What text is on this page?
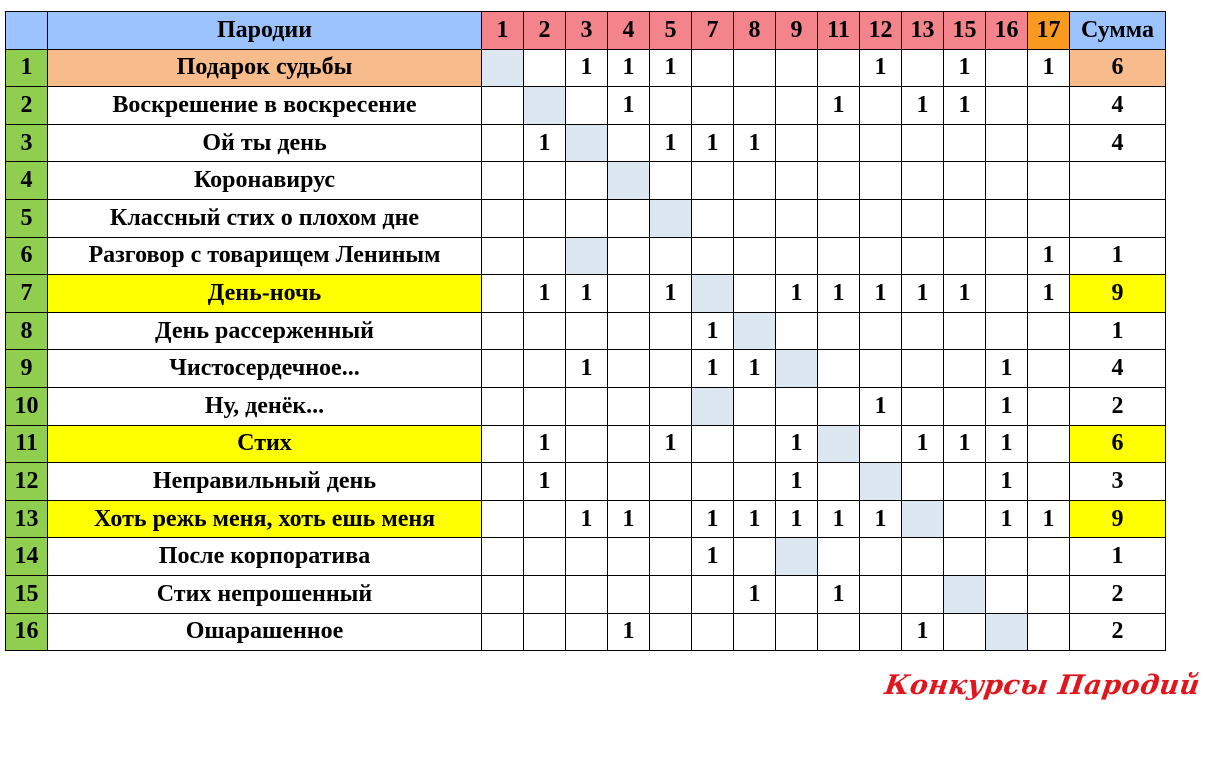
	Пародии	1	2	3	4	5	7	8	9	11	12	13	15	16	17	Сумма
1	Подарок судьбы			1	1	1					1		1		1	6
2	Воскрешение в воскресение				1					1		1	1			4
3	Ой ты день		1			1	1	1								4
4	Коронавирус															
5	Классный стих о плохом дне															
6	Разговор с товарищем Лениным														1	1
7	День-ночь		1	1		1			1	1	1	1	1		1	9
8	День рассерженный						1									1
9	Чистосердечное...			1			1	1						1		4
10	Ну, денёк...										1			1		2
11	Стих		1			1			1			1	1	1		6
12	Неправильный день		1						1					1		3
13	Хоть режь меня, хоть ешь меня			1	1		1	1	1	1	1			1	1	9
14	После корпоратива						1									1
15	Стих непрошенный							1		1						2
16	Ошарашенное				1							1				2
Конкурсы Пародий
